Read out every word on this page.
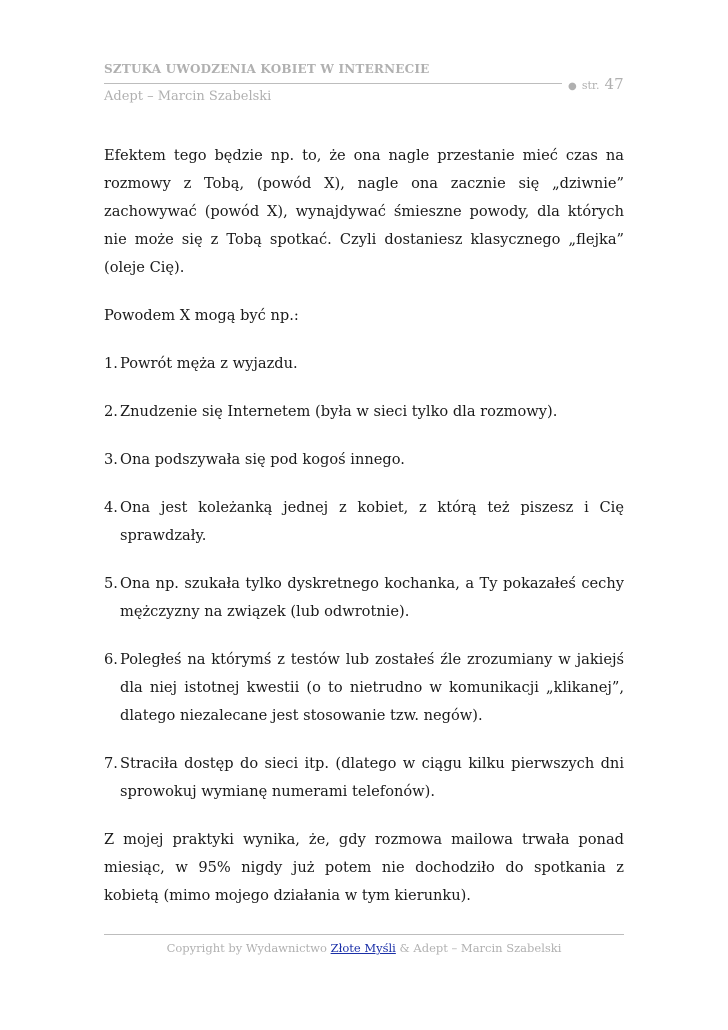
SZTUKA UWODZENIA KOBIET W INTERNECIE
● str. 47
Adept – Marcin Szabelski

Efektem tego będzie np. to, że ona nagle przestanie mieć czas na rozmowy z Tobą, (powód X), nagle ona zacznie się „dziwnie” zachowywać (powód X), wynajdywać śmieszne powody, dla których nie może się z Tobą spotkać. Czyli dostaniesz klasycznego „flejka” (oleje Cię).

Powodem X mogą być np.:

1. Powrót męża z wyjazdu.
2. Znudzenie się Internetem (była w sieci tylko dla rozmowy).
3. Ona podszywała się pod kogoś innego.
4. Ona jest koleżanką jednej z kobiet, z którą też piszesz i Cię sprawdzały.
5. Ona np. szukała tylko dyskretnego kochanka, a Ty pokazałeś cechy mężczyzny na związek (lub odwrotnie).
6. Poległeś na którymś z testów lub zostałeś źle zrozumiany w jakiejś dla niej istotnej kwestii (o to nietrudno w komunikacji „klikanej”, dlatego niezalecane jest stosowanie tzw. negów).
7. Straciła dostęp do sieci itp. (dlatego w ciągu kilku pierwszych dni sprowokuj wymianę numerami telefonów).

Z mojej praktyki wynika, że, gdy rozmowa mailowa trwała ponad miesiąc, w 95% nigdy już potem nie dochodziło do spotkania z kobietą (mimo mojego działania w tym kierunku).

Copyright by Wydawnictwo Złote Myśli & Adept – Marcin Szabelski
